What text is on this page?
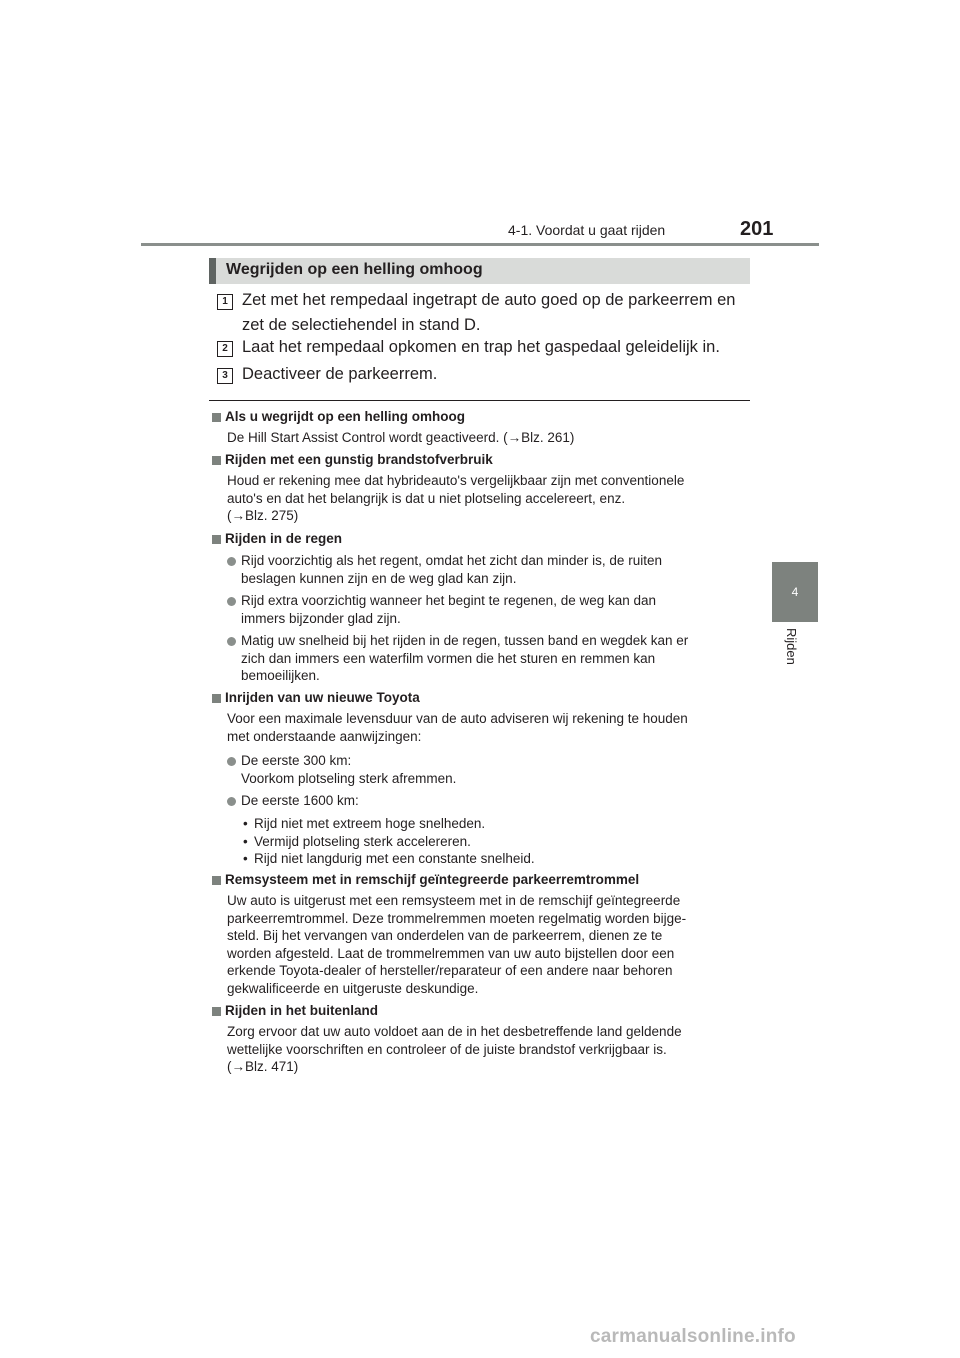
4-1. Voordat u gaat rijden	201
4
Rijden
Wegrijden op een helling omhoog
1 Zet met het rempedaal ingetrapt de auto goed op de parkeerrem en
zet de selectiehendel in stand D.
2 Laat het rempedaal opkomen en trap het gaspedaal geleidelijk in.
3 Deactiveer de parkeerrem.
Als u wegrijdt op een helling omhoog
De Hill Start Assist Control wordt geactiveerd. (→Blz. 261)
Rijden met een gunstig brandstofverbruik
Houd er rekening mee dat hybrideauto's vergelijkbaar zijn met conventionele
auto's en dat het belangrijk is dat u niet plotseling accelereert, enz.
(→Blz. 275)
Rijden in de regen
Rijd voorzichtig als het regent, omdat het zicht dan minder is, de ruiten
beslagen kunnen zijn en de weg glad kan zijn.
Rijd extra voorzichtig wanneer het begint te regenen, de weg kan dan
immers bijzonder glad zijn.
Matig uw snelheid bij het rijden in de regen, tussen band en wegdek kan er
zich dan immers een waterfilm vormen die het sturen en remmen kan
bemoeilijken.
Inrijden van uw nieuwe Toyota
Voor een maximale levensduur van de auto adviseren wij rekening te houden
met onderstaande aanwijzingen:
De eerste 300 km:
Voorkom plotseling sterk afremmen.
De eerste 1600 km:
• Rijd niet met extreem hoge snelheden.
• Vermijd plotseling sterk accelereren.
• Rijd niet langdurig met een constante snelheid.
Remsysteem met in remschijf geïntegreerde parkeerremtrommel
Uw auto is uitgerust met een remsysteem met in de remschijf geïntegreerde
parkeerremtrommel. Deze trommelremmen moeten regelmatig worden bijge-
steld. Bij het vervangen van onderdelen van de parkeerrem, dienen ze te
worden afgesteld. Laat de trommelremmen van uw auto bijstellen door een
erkende Toyota-dealer of hersteller/reparateur of een andere naar behoren
gekwalificeerde en uitgeruste deskundige.
Rijden in het buitenland
Zorg ervoor dat uw auto voldoet aan de in het desbetreffende land geldende
wettelijke voorschriften en controleer of de juiste brandstof verkrijgbaar is.
(→Blz. 471)
carmanualsonline.info
